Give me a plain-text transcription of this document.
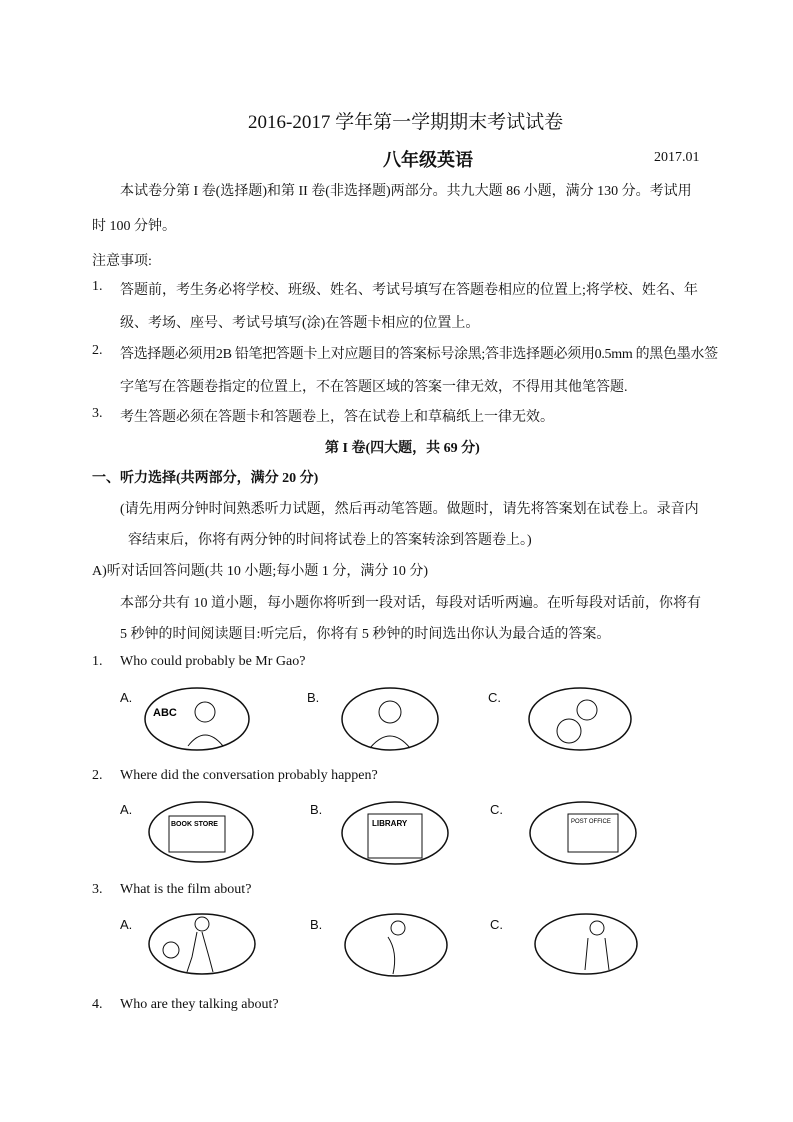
2016-2017 学年第一学期期末考试试卷
八年级英语	2017.01
本试卷分第 I 卷(选择题)和第 II 卷(非选择题)两部分。共九大题 86 小题，满分 130 分。考试用
时 100 分钟。
注意事项:
1. 答题前，考生务必将学校、班级、姓名、考试号填写在答题卷相应的位置上;将学校、姓名、年
级、考场、座号、考试号填写(涂)在答题卡相应的位置上。
2. 答选择题必须用2B 铅笔把答题卡上对应题目的答案标号涂黑;答非选择题必须用0.5mm 的黑色墨水签
字笔写在答题卷指定的位置上，不在答题区域的答案一律无效，不得用其他笔答题.
3. 考生答题必须在答题卡和答题卷上，答在试卷上和草稿纸上一律无效。
第 I 卷(四大题，共 69 分)
一、听力选择(共两部分，满分 20 分)
(请先用两分钟时间熟悉听力试题，然后再动笔答题。做题时，请先将答案划在试卷上。录音内
容结束后，你将有两分钟的时间将试卷上的答案转涂到答题卷上。)
A)听对话回答问题(共 10 小题;每小题 1 分，满分 10 分)
本部分共有 10 道小题，每小题你将听到一段对话，每段对话听两遍。在听每段对话前，你将有
5 秒钟的时间阅读题目:听完后，你将有 5 秒钟的时间选出你认为最合适的答案。
1. Who could probably be Mr Gao?
A.	B.	C.
ABC
2. Where did the conversation probably happen?
A.	B.	C.
BOOK STORE	LIBRARY	POST OFFICE
3. What is the film about?
A.	B.	C.
4. Who are they talking about?
